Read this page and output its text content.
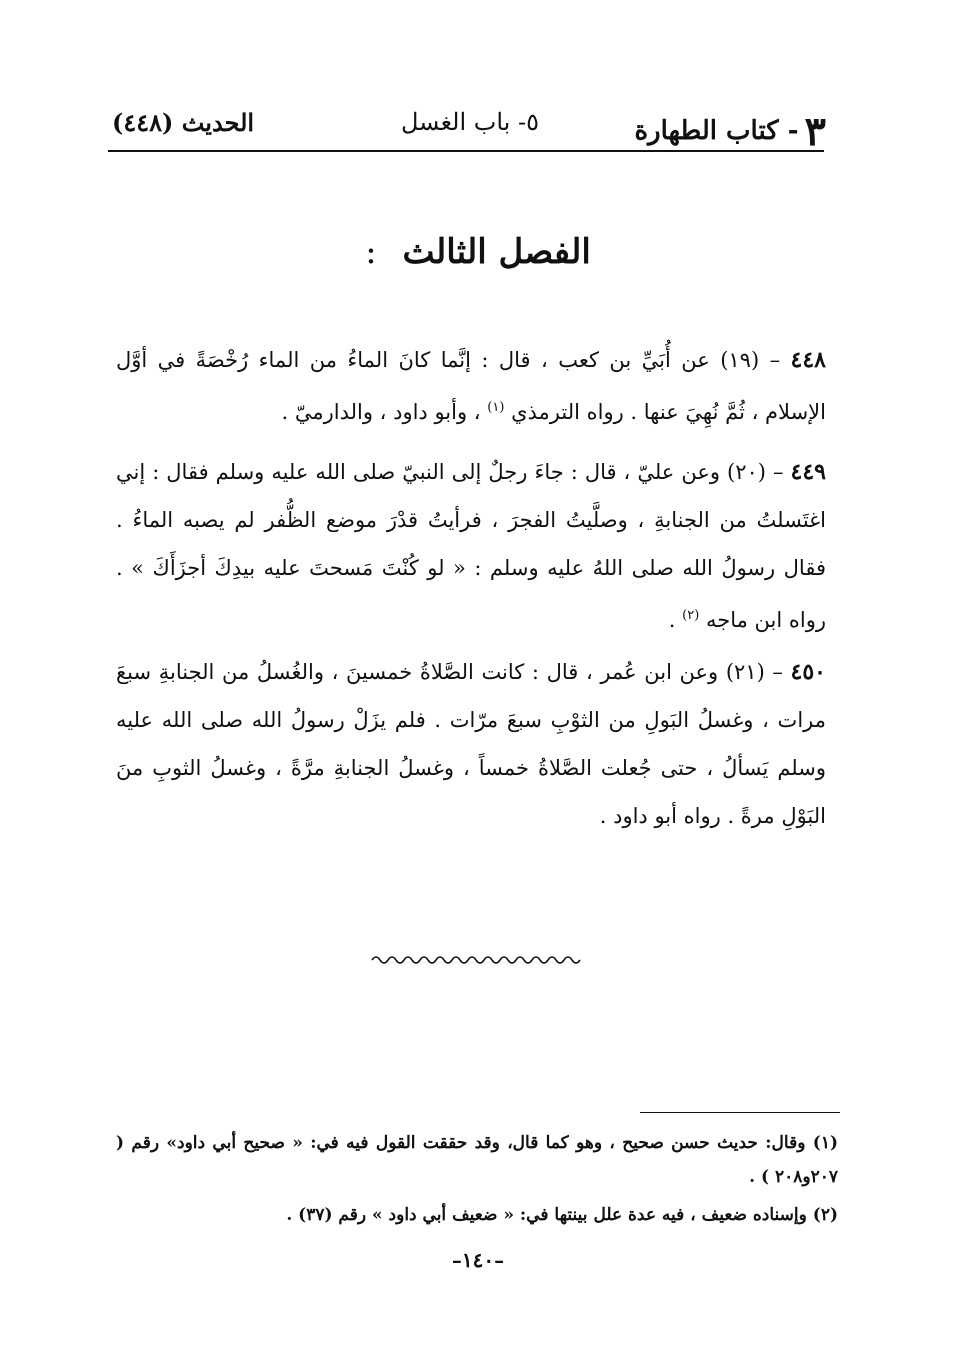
٣- كتاب الطهارة
٥- باب الغسل
الحديث (٤٤٨)
الفصل الثالث :
٤٤٨ – (١٩) عن أُبَيِّ بن كعب ، قال : إنَّما كانَ الماءُ من الماء رُخْصَةً في أوَّل الإسلام ، ثُمَّ نُهِيَ عنها . رواه الترمذي $^{(١)}$ ، وأبو داود ، والدارميّ .
٤٤٩ – (٢٠) وعن عليّ ، قال : جاءَ رجلٌ إلى النبيّ صلى الله عليه وسلم فقال : إني اغتَسلتُ من الجنابةِ ، وصلَّيتُ الفجرَ ، فرأيتُ قدْرَ موضع الظُّفر لم يصبه الماءُ . فقال رسولُ الله صلى اللهُ عليه وسلم : « لو كُنْتَ مَسحتَ عليه بيدِكَ أجزَأَكَ » . رواه ابن ماجه $^{(٢)}$ .
٤٥٠ – (٢١) وعن ابن عُمر ، قال : كانت الصَّلاةُ خمسينَ ، والغُسلُ من الجنابةِ سبعَ مرات ، وغسلُ البَولِ من الثوْبِ سبعَ مرّات . فلم يزَلْ رسولُ الله صلى الله عليه وسلم يَسألُ ، حتى جُعلت الصَّلاةُ خمساً ، وغسلُ الجنابةِ مرَّةً ، وغسلُ الثوبِ منَ البَوْلِ مرةً . رواه أبو داود .

(١) وقال: حديث حسن صحيح ، وهو كما قال، وقد حققت القول فيه في: « صحيح أبي داود» رقم ( ٢٠٧و٢٠٨ ) .

(٢) وإسناده ضعيف ، فيه عدة علل بينتها في: « ضعيف أبي داود » رقم (٣٧) .

–١٤٠–
